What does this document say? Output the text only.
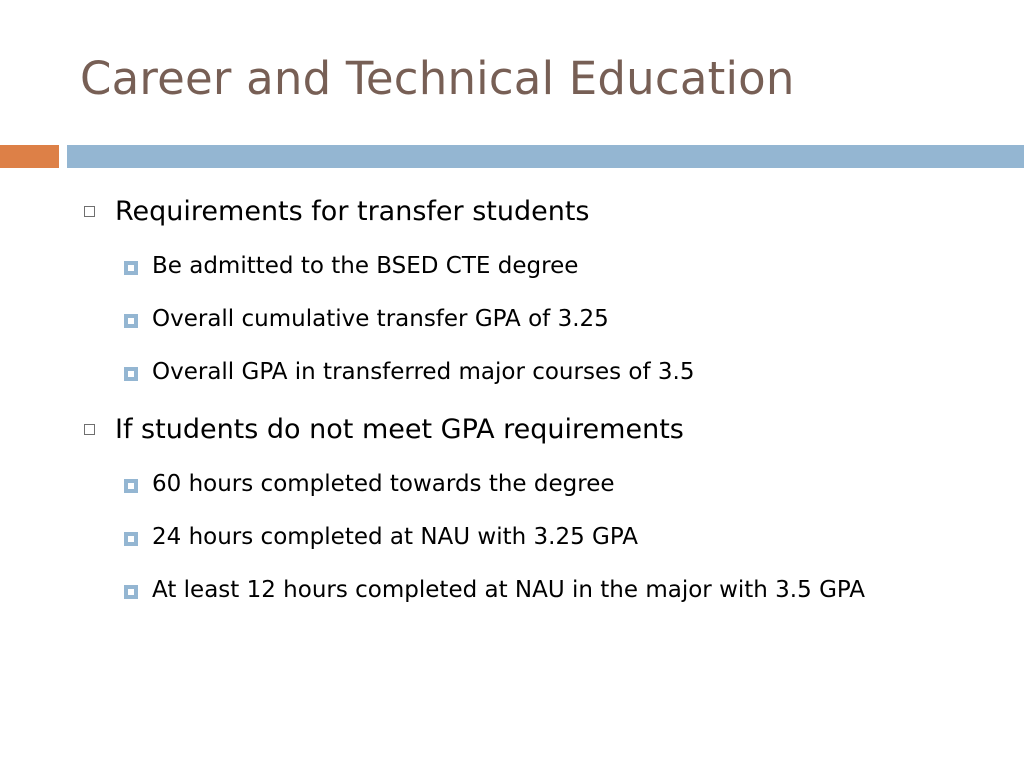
Career and Technical Education
Requirements for transfer students
Be admitted to the BSED CTE degree
Overall cumulative transfer GPA of 3.25
Overall GPA in transferred major courses of 3.5
If students do not meet GPA requirements
60 hours completed towards the degree
24 hours completed at NAU with 3.25 GPA
At least 12 hours completed at NAU in the major with 3.5 GPA
